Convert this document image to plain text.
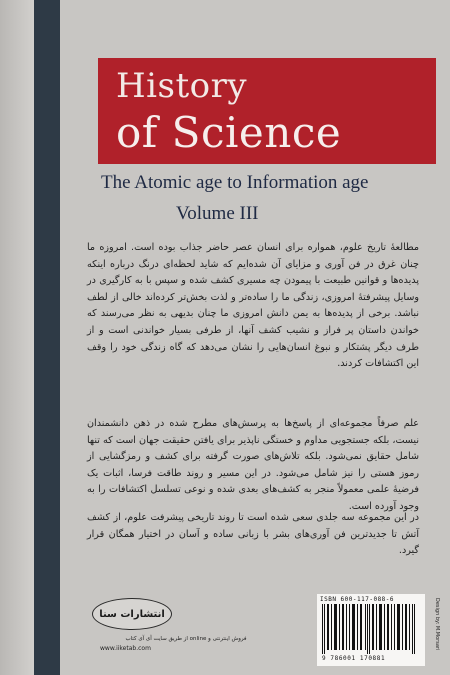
History
of Science
The Atomic age to Information age
Volume III
مطالعهٔ تاریخ علوم، همواره برای انسان عصر حاضر جذاب بوده است. امروزه ما چنان غرق در فن آوری و مزایای آن شده‌ایم که شاید لحظه‌ای درنگ درباره اینکه پدیده‌ها و قوانین طبیعت با پیمودن چه مسیری کشف شده و سپس با به کارگیری در وسایل پیشرفتهٔ امروزی، زندگی ما را ساده‌تر و لذت بخش‌تر کرده‌اند خالی از لطف نباشد. برخی از پدیده‌ها به یمن دانش امروزی ما چنان بدیهی به نظر می‌رسند که خواندن داستان پر فراز و نشیب کشف آنها، از طرفی بسیار خواندنی است و از طرف دیگر پشتکار و نبوغ انسان‌هایی را نشان می‌دهد که گاه زندگی خود را وقف این اکتشافات کردند.
علم صرفاً مجموعه‌ای از پاسخ‌ها به پرسش‌های مطرح شده در ذهن دانشمندان نیست، بلکه جستجویی مداوم و خستگی ناپذیر برای یافتن حقیقت جهان است که تنها شامل حقایق نمی‌شود. بلکه تلاش‌های صورت گرفته برای کشف و رمزگشایی از رموز هستی را نیز شامل می‌شود. در این مسیر و روند طاقت فرسا، اثبات یک فرضیهٔ علمی معمولاً منجر به کشف‌های بعدی شده و نوعی تسلسل اکتشافات را به وجود آورده است.
در این مجموعه سه جلدی سعی شده است تا روند تاریخی پیشرفت علوم، از کشف آتش تا جدیدترین فن آوری‌های بشر با زبانی ساده و آسان در اختیار همگان قرار گیرد.
انتشارات سنا
فروش اینترنتی و online از طریق سایت آی آی کتاب
www.iiketab.com
ISBN 600-117-088-6
9 786001 170881
Design by: M.Morsari
